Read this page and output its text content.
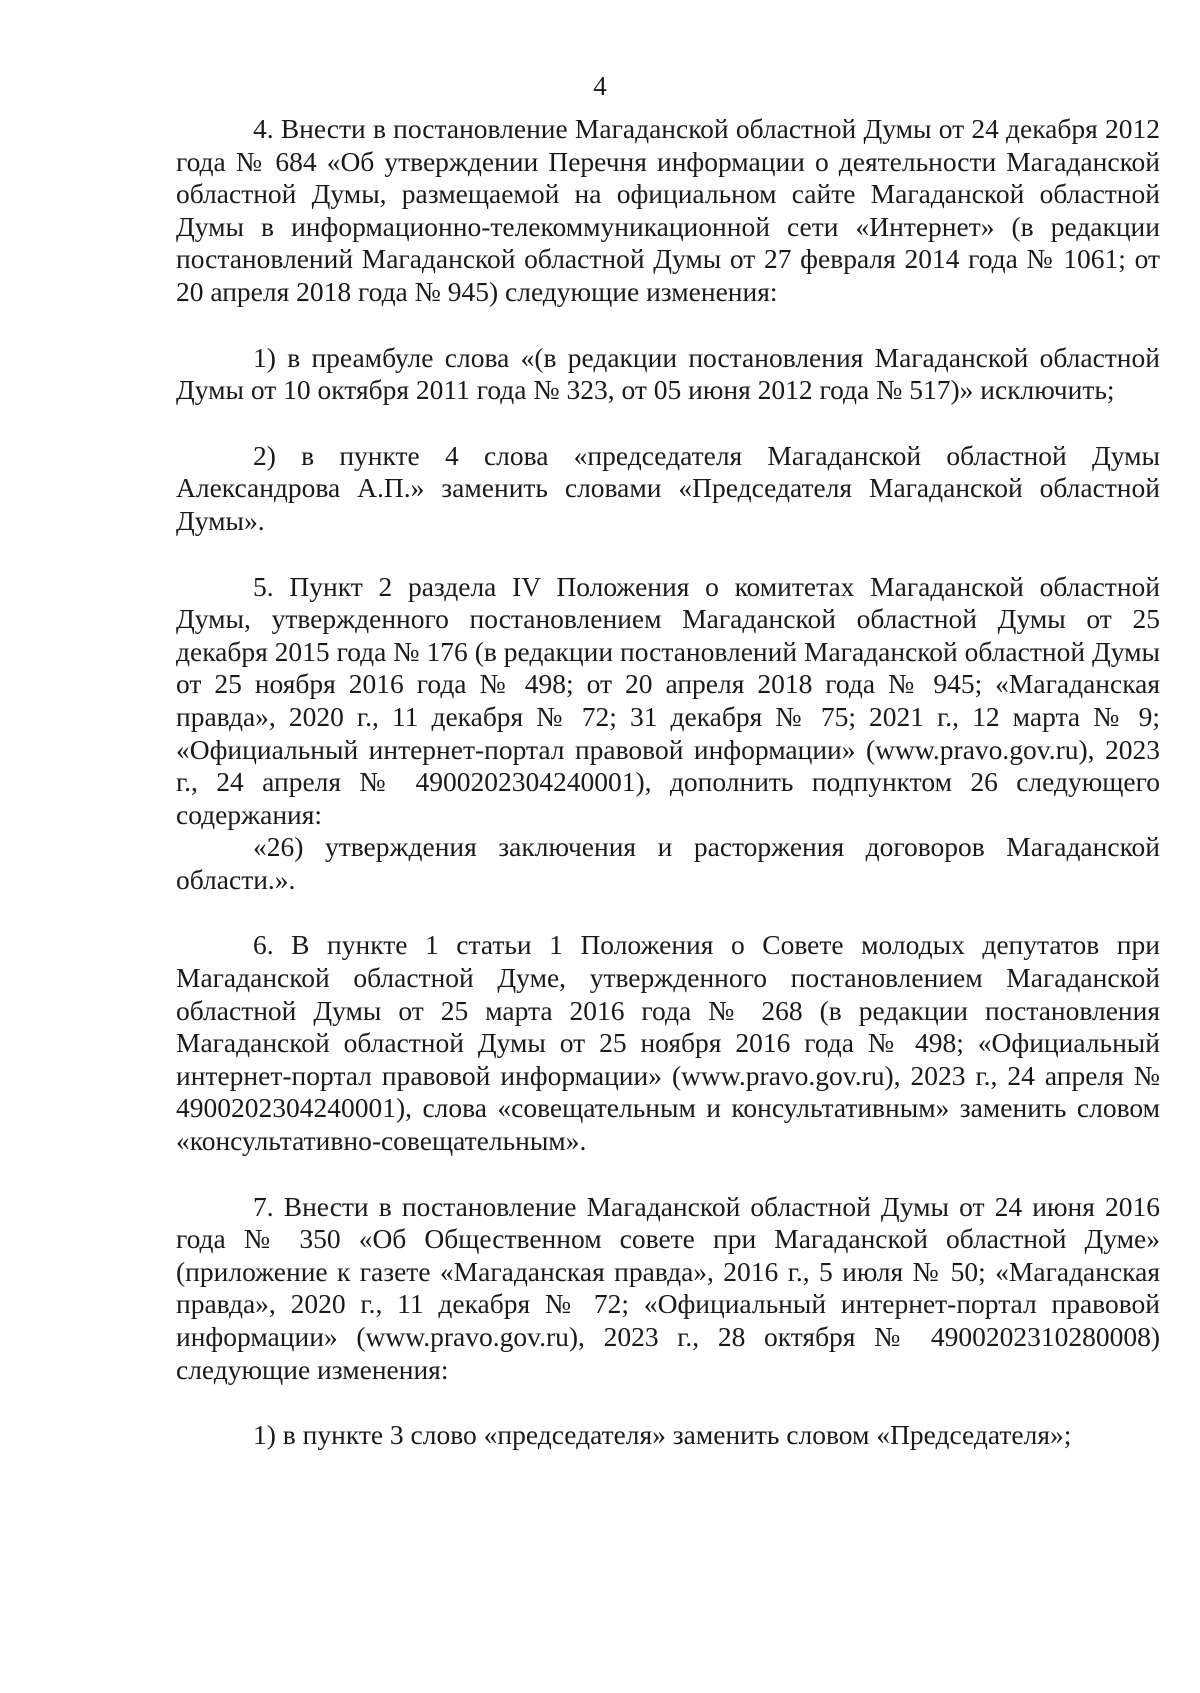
4

4. Внести в постановление Магаданской областной Думы от 24 декабря 2012 года № 684 «Об утверждении Перечня информации о деятельности Магаданской областной Думы, размещаемой на официальном сайте Магаданской областной Думы в информационно-телекоммуникационной сети «Интернет» (в редакции постановлений Магаданской областной Думы от 27 февраля 2014 года № 1061; от 20 апреля 2018 года № 945) следующие изменения:

1) в преамбуле слова «(в редакции постановления Магаданской областной Думы от 10 октября 2011 года № 323, от 05 июня 2012 года № 517)» исключить;

2) в пункте 4 слова «председателя Магаданской областной Думы Александрова А.П.» заменить словами «Председателя Магаданской областной Думы».

5. Пункт 2 раздела IV Положения о комитетах Магаданской областной Думы, утвержденного постановлением Магаданской областной Думы от 25 декабря 2015 года № 176 (в редакции постановлений Магаданской областной Думы от 25 ноября 2016 года № 498; от 20 апреля 2018 года № 945; «Магаданская правда», 2020 г., 11 декабря № 72; 31 декабря № 75; 2021 г., 12 марта № 9; «Официальный интернет-портал правовой информации» (www.pravo.gov.ru), 2023 г., 24 апреля № 4900202304240001), дополнить подпунктом 26 следующего содержания:

«26) утверждения заключения и расторжения договоров Магаданской области.».

6. В пункте 1 статьи 1 Положения о Совете молодых депутатов при Магаданской областной Думе, утвержденного постановлением Магаданской областной Думы от 25 марта 2016 года № 268 (в редакции постановления Магаданской областной Думы от 25 ноября 2016 года № 498; «Официальный интернет-портал правовой информации» (www.pravo.gov.ru), 2023 г., 24 апреля № 4900202304240001), слова «совещательным и консультативным» заменить словом «консультативно-совещательным».

7. Внести в постановление Магаданской областной Думы от 24 июня 2016 года № 350 «Об Общественном совете при Магаданской областной Думе» (приложение к газете «Магаданская правда», 2016 г., 5 июля № 50; «Магаданская правда», 2020 г., 11 декабря № 72; «Официальный интернет-портал правовой информации» (www.pravo.gov.ru), 2023 г., 28 октября № 4900202310280008) следующие изменения:

1) в пункте 3 слово «председателя» заменить словом «Председателя»;
